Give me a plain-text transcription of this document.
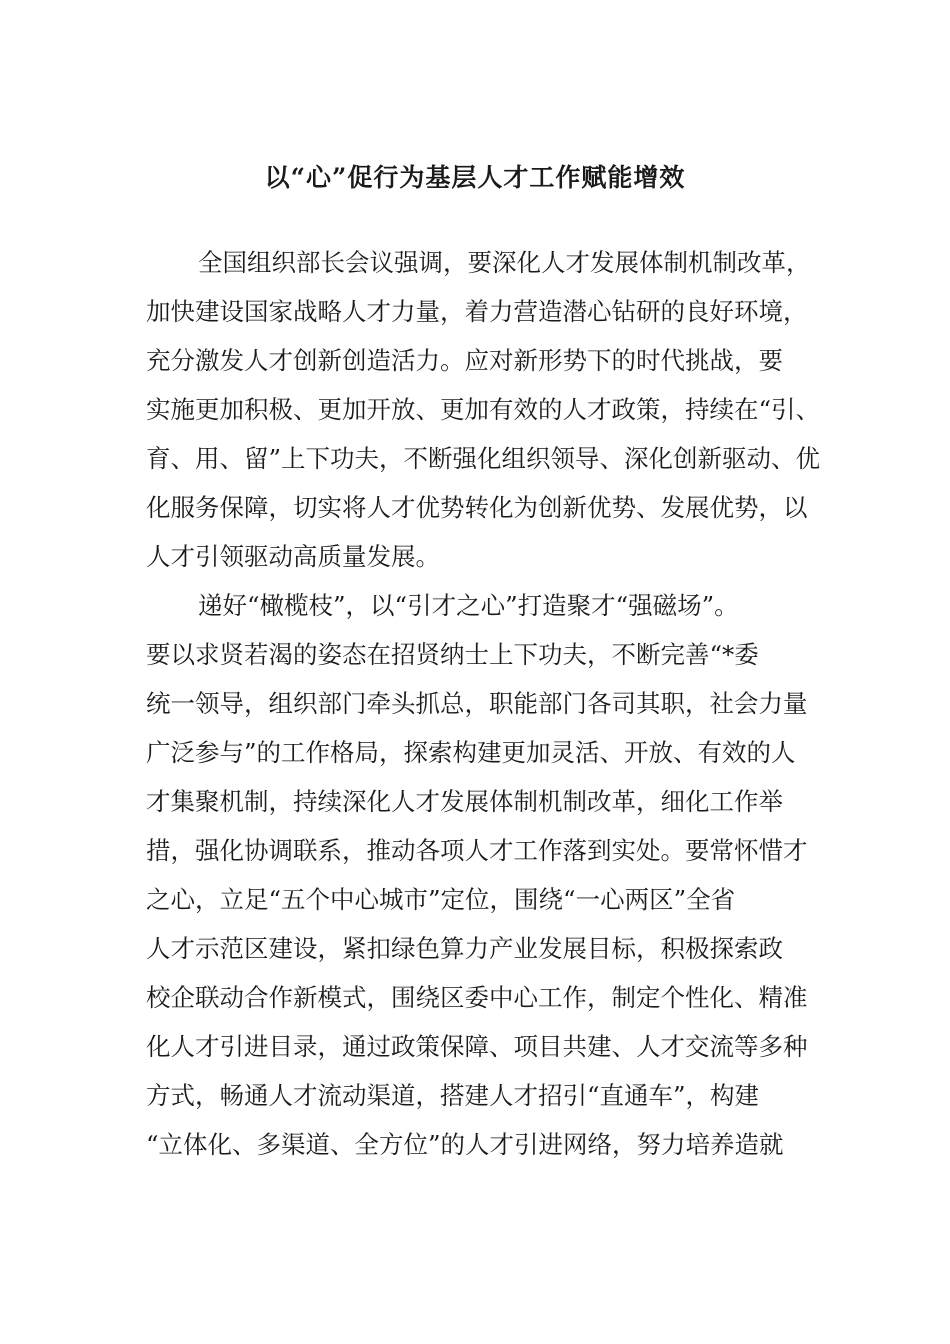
以“心”促行为基层人才工作赋能增效
全国组织部长会议强调，要深化人才发展体制机制改革，
加快建设国家战略人才力量，着力营造潜心钻研的良好环境，
充分激发人才创新创造活力。应对新形势下的时代挑战，要
实施更加积极、更加开放、更加有效的人才政策，持续在“引、
育、用、留”上下功夫，不断强化组织领导、深化创新驱动、优
化服务保障，切实将人才优势转化为创新优势、发展优势，以
人才引领驱动高质量发展。
递好“橄榄枝”，以“引才之心”打造聚才“强磁场”。
要以求贤若渴的姿态在招贤纳士上下功夫，不断完善“*委
统一领导，组织部门牵头抓总，职能部门各司其职，社会力量
广泛参与”的工作格局，探索构建更加灵活、开放、有效的人
才集聚机制，持续深化人才发展体制机制改革，细化工作举
措，强化协调联系，推动各项人才工作落到实处。要常怀惜才
之心，立足“五个中心城市”定位，围绕“一心两区”全省
人才示范区建设，紧扣绿色算力产业发展目标，积极探索政
校企联动合作新模式，围绕区委中心工作，制定个性化、精准
化人才引进目录，通过政策保障、项目共建、人才交流等多种
方式，畅通人才流动渠道，搭建人才招引“直通车”，构建
“立体化、多渠道、全方位”的人才引进网络，努力培养造就
